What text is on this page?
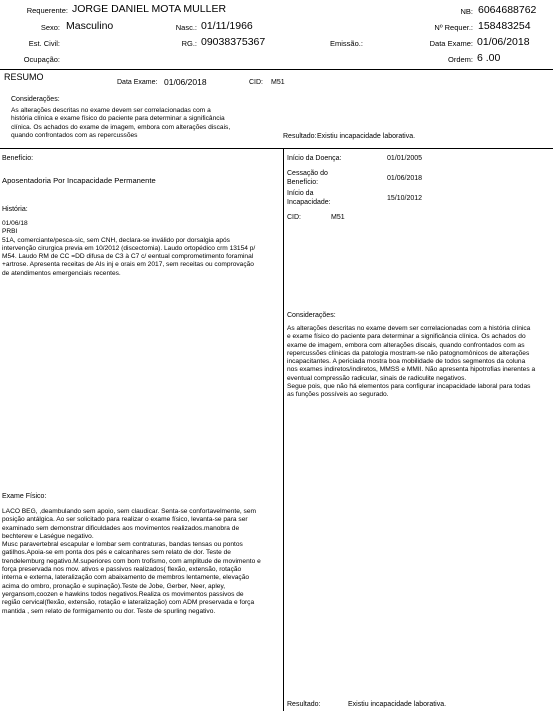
Requerente: JORGE DANIEL MOTA MULLER	NB: 6064688762
Sexo: Masculino	Nasc.: 01/11/1966	Nº Requer.: 158483254
Est. Civil:	RG.: 09038375367	Emissão.:	Data Exame: 01/06/2018
Ocupação:	Ordem: 6 .00
RESUMO
Data Exame: 01/06/2018	CID: M51
Considerações:
As alterações descritas no exame devem ser correlacionadas com a
história clínica e exame físico do paciente para determinar a significância
clínica. Os achados do exame de imagem, embora com alterações discais,
quando confrontados com as repercussões	Resultado: Existiu incapacidade laborativa.
Benefício:
Aposentadoria Por Incapacidade Permanente
História:
01/06/18
PRBI
51A, comerciante/pesca-sic, sem CNH, declara-se inválido por dorsalgia após
intervenção cirurgica previa em 10/2012 (discectomia). Laudo ortopédico crm 13154 p/
M54. Laudo RM de CC =DD difusa de C3 à C7 c/ eentual comprometimento foraminal
+artrose. Apresenta receitas de AIs inj e orais em 2017, sem receitas ou comprovação
de atendimentos emergenciais recentes.
Exame Físico:
LACO BEG, ,deambulando sem apoio, sem claudicar. Senta-se confortavelmente, sem
posição antálgica. Ao ser solicitado para realizar o exame físico, levanta-se para ser
examinado sem demonstrar dificuldades aos movimentos realizados.manobra de
bechterew e Laségue negativo.
Musc paravertebral escapular e lombar sem contraturas, bandas tensas ou pontos
gatilhos.Apoia-se em ponta dos pés e calcanhares sem relato de dor. Teste de
trendelemburg negativo.M.superiores com bom trofismo, com amplitude de movimento e
força preservada nos mov. ativos e passivos realizados( flexão, extensão, rotação
interna e externa, lateralização com abaixamento de membros lentamente, elevação
acima do ombro, pronação e supinação).Teste de Jobe, Gerber, Neer, apley,
yergansom,coozen e hawkins todos negativos.Realiza os movimentos passivos de
região cervical(flexão, extensão, rotação e lateralização) com ADM preservada e força
mantida , sem relato de formigamento ou dor. Teste de spurling negativo.
Início da Doença:	01/01/2005
Cessação do
Benefício:
01/06/2018
Início da
Incapacidade:
15/10/2012
CID:	M51
Considerações:
As alterações descritas no exame devem ser correlacionadas com a história clínica
e exame físico do paciente para determinar a significância clínica. Os achados do
exame de imagem, embora com alterações discais, quando confrontados com as
repercussões clínicas da patologia mostram-se não patognomônicos de alterações
incapacitantes. A periciada mostra boa mobilidade de todos segmentos da coluna
nos exames indiretos/indiretos, MMSS e MMII. Não apresenta hipotrofias inerentes a
eventual compressão radicular, sinais de radiculite negativos.
Segue pois, que não há elementos para configurar incapacidade laboral para todas
as funções possíveis ao segurado.
Resultado:	Existiu incapacidade laborativa.
